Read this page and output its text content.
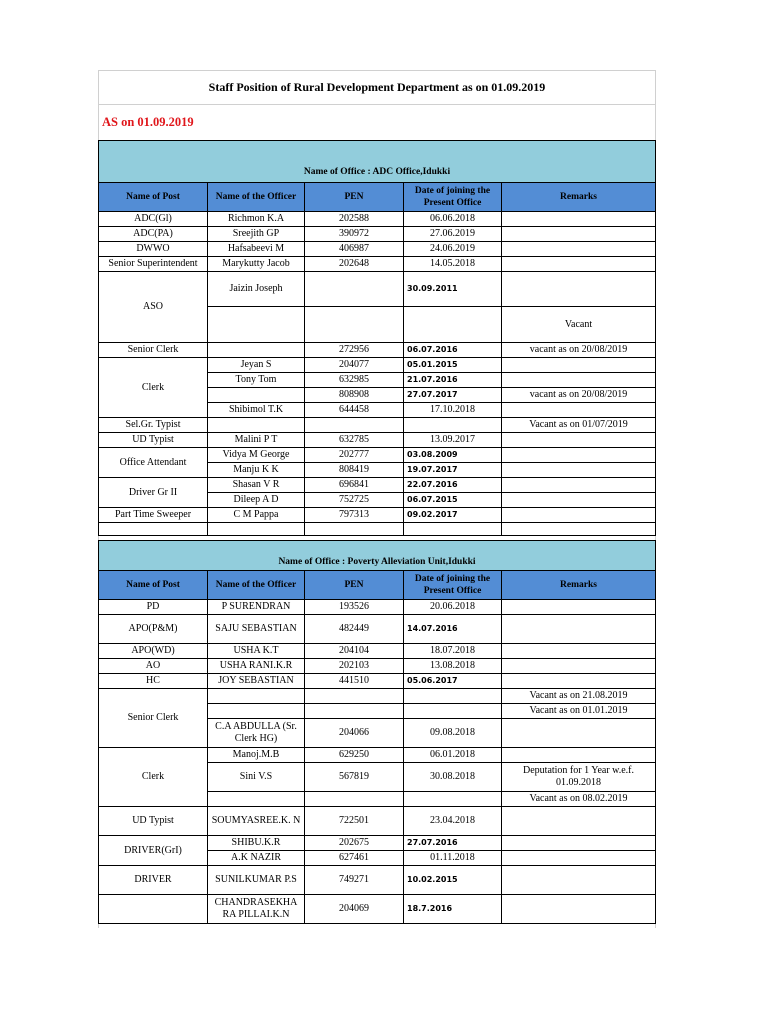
Staff Position of Rural Development Department as on 01.09.2019
AS on 01.09.2019

Name of Office : ADC Office,Idukki				
Name of Post	Name of the Officer	PEN	Date of joining the Present Office	Remarks
ADC(Gl)	Richmon K.A	202588	06.06.2018	
ADC(PA)	Sreejith GP	390972	27.06.2019	
DWWO	Hafsabeevi M	406987	24.06.2019	
Senior Superintendent	Marykutty Jacob	202648	14.05.2018	
ASO	Jaizin Joseph		30.09.2011	
				Vacant
Senior Clerk		272956	06.07.2016	vacant as on 20/08/2019
Clerk	Jeyan S	204077	05.01.2015	
	Tony Tom	632985	21.07.2016	
		808908	27.07.2017	vacant as on 20/08/2019
	Shibimol T.K	644458	17.10.2018	
Sel.Gr. Typist				Vacant as on 01/07/2019
UD Typist	Malini P T	632785	13.09.2017	
Office Attendant	Vidya M George	202777	03.08.2009	
	Manju K K	808419	19.07.2017	
Driver Gr II	Shasan V R	696841	22.07.2016	
	Dileep A D	752725	06.07.2015	
Part Time Sweeper	C M Pappa	797313	09.02.2017	

Name of Office : Poverty Alleviation Unit,Idukki				
Name of Post	Name of the Officer	PEN	Date of joining the Present Office	Remarks
PD	P SURENDRAN	193526	20.06.2018	
APO(P&M)	SAJU SEBASTIAN	482449	14.07.2016	
APO(WD)	USHA K.T	204104	18.07.2018	
AO	USHA RANI.K.R	202103	13.08.2018	
HC	JOY SEBASTIAN	441510	05.06.2017	
Senior Clerk				Vacant as on 21.08.2019
				Vacant as on 01.01.2019
	C.A ABDULLA (Sr. Clerk HG)	204066	09.08.2018	
Clerk	Manoj.M.B	629250	06.01.2018	
	Sini V.S	567819	30.08.2018	Deputation for 1 Year w.e.f. 01.09.2018
				Vacant as on 08.02.2019
UD Typist	SOUMYASREE.K. N	722501	23.04.2018	
DRIVER(GrI)	SHIBU.K.R	202675	27.07.2016	
	A.K NAZIR	627461	01.11.2018	
DRIVER	SUNILKUMAR P.S	749271	10.02.2015	
	CHANDRASEKHA RA PILLAI.K.N	204069	18.7.2016	
